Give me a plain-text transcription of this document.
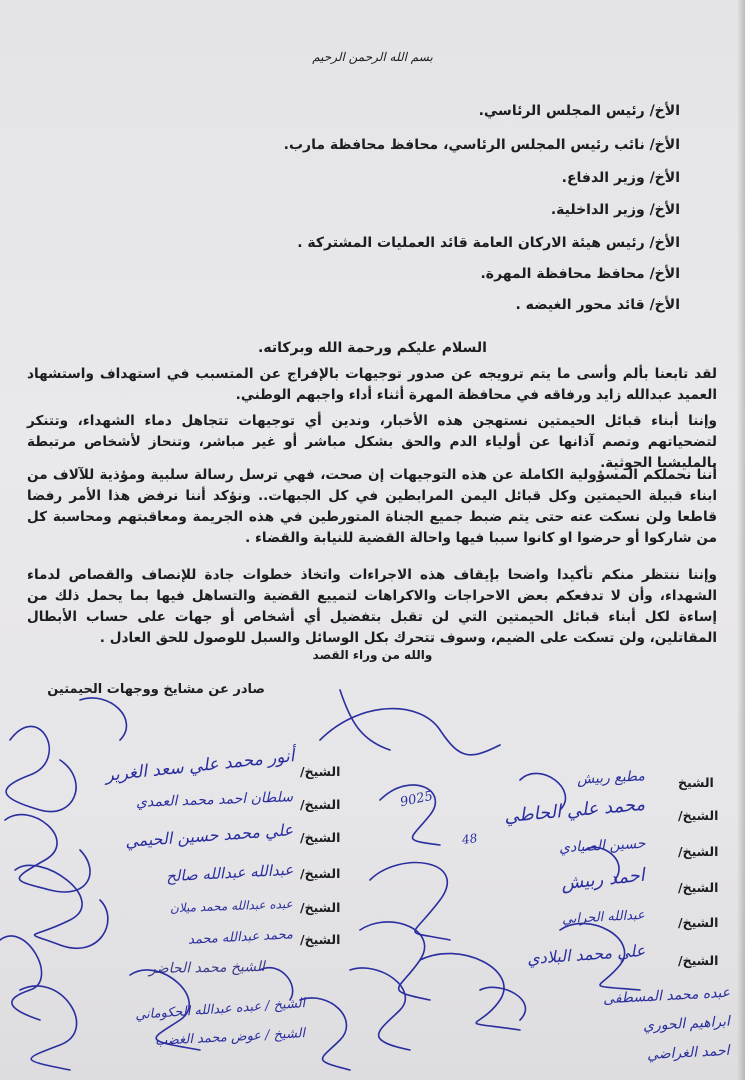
بسم الله الرحمن الرحيم
الأخ/ رئيس المجلس الرئاسي.
الأخ/ نائب رئيس المجلس الرئاسي، محافظ محافظة مارب.
الأخ/ وزير الدفاع.
الأخ/ وزير الداخلية.
الأخ/ رئيس هيئة الاركان العامة قائد العمليات المشتركة .
الأخ/ محافظ محافظة المهرة.
الأخ/ قائد محور الغيضه .
السلام عليكم ورحمة الله وبركاته.
لقد تابعنا بألم وأسى ما يتم ترويجه عن صدور توجيهات بالإفراج عن المتسبب في استهداف واستشهاد العميد عبدالله زايد ورفاقه في محافظة المهرة أثناء أداء واجبهم الوطني.
وإننا أبناء قبائل الحيمتين نستهجن هذه الأخبار، وندين أي توجيهات تتجاهل دماء الشهداء، وتتنكر لتضحياتهم وتصم آذانها عن أولياء الدم والحق بشكل مباشر أو غير مباشر، وتنحاز لأشخاص مرتبطة بالمليشيا الحوثية.
أننا نحملكم المسؤولية الكاملة عن هذه التوجيهات إن صحت، فهي ترسل رسالة سلبية ومؤذية للآلاف من ابناء قبيلة الحيمتين وكل قبائل اليمن المرابطين في كل الجبهات.. ونؤكد أننا نرفض هذا الأمر رفضا قاطعا ولن نسكت عنه حتى يتم ضبط جميع الجناة المتورطين في هذه الجريمة ومعاقبتهم ومحاسبة كل من شاركوا أو حرضوا او كانوا سببا فيها واحالة القضية للنيابة والقضاء .
وإننا ننتظر منكم تأكيدا واضحا بإيقاف هذه الاجراءات واتخاذ خطوات جادة للإنصاف والقصاص لدماء الشهداء، وأن لا تدفعكم بعض الاحراجات والاكراهات لتمييع القضية والتساهل فيها بما يحمل ذلك من إساءة لكل أبناء قبائل الحيمتين التي لن تقبل بتفضيل أي أشخاص أو جهات على حساب الأبطال المقاتلين، ولن تسكت على الضيم، وسوف تتحرك بكل الوسائل والسبل للوصول للحق العادل .
والله من وراء القصد
صادر عن مشايخ ووجهات الحيمتين
الشيخ/
الشيخ/
الشيخ/
الشيخ/
الشيخ/
الشيخ/
الشيخ
الشيخ/
الشيخ/
الشيخ/
الشيخ/
الشيخ/
أنور محمد علي سعد الغرير
سلطان احمد محمد العمدي
علي محمد حسين الحيمي
عبدالله عبدالله صالح
عبده عبدالله محمد ميلان
محمد عبدالله محمد
الشيخ محمد الحاضر
الشيخ / عبده عبدالله الحكوماني
الشيخ / عوض محمد الغضب
مطيع ربيش
محمد علي الحاطي
حسين الصيادي
احمد ربيش
عبدالله الحرابي
علي محمد البلادي
عبده محمد المسطفى
ابراهيم الحوري
احمد الغراضي
9025
48
